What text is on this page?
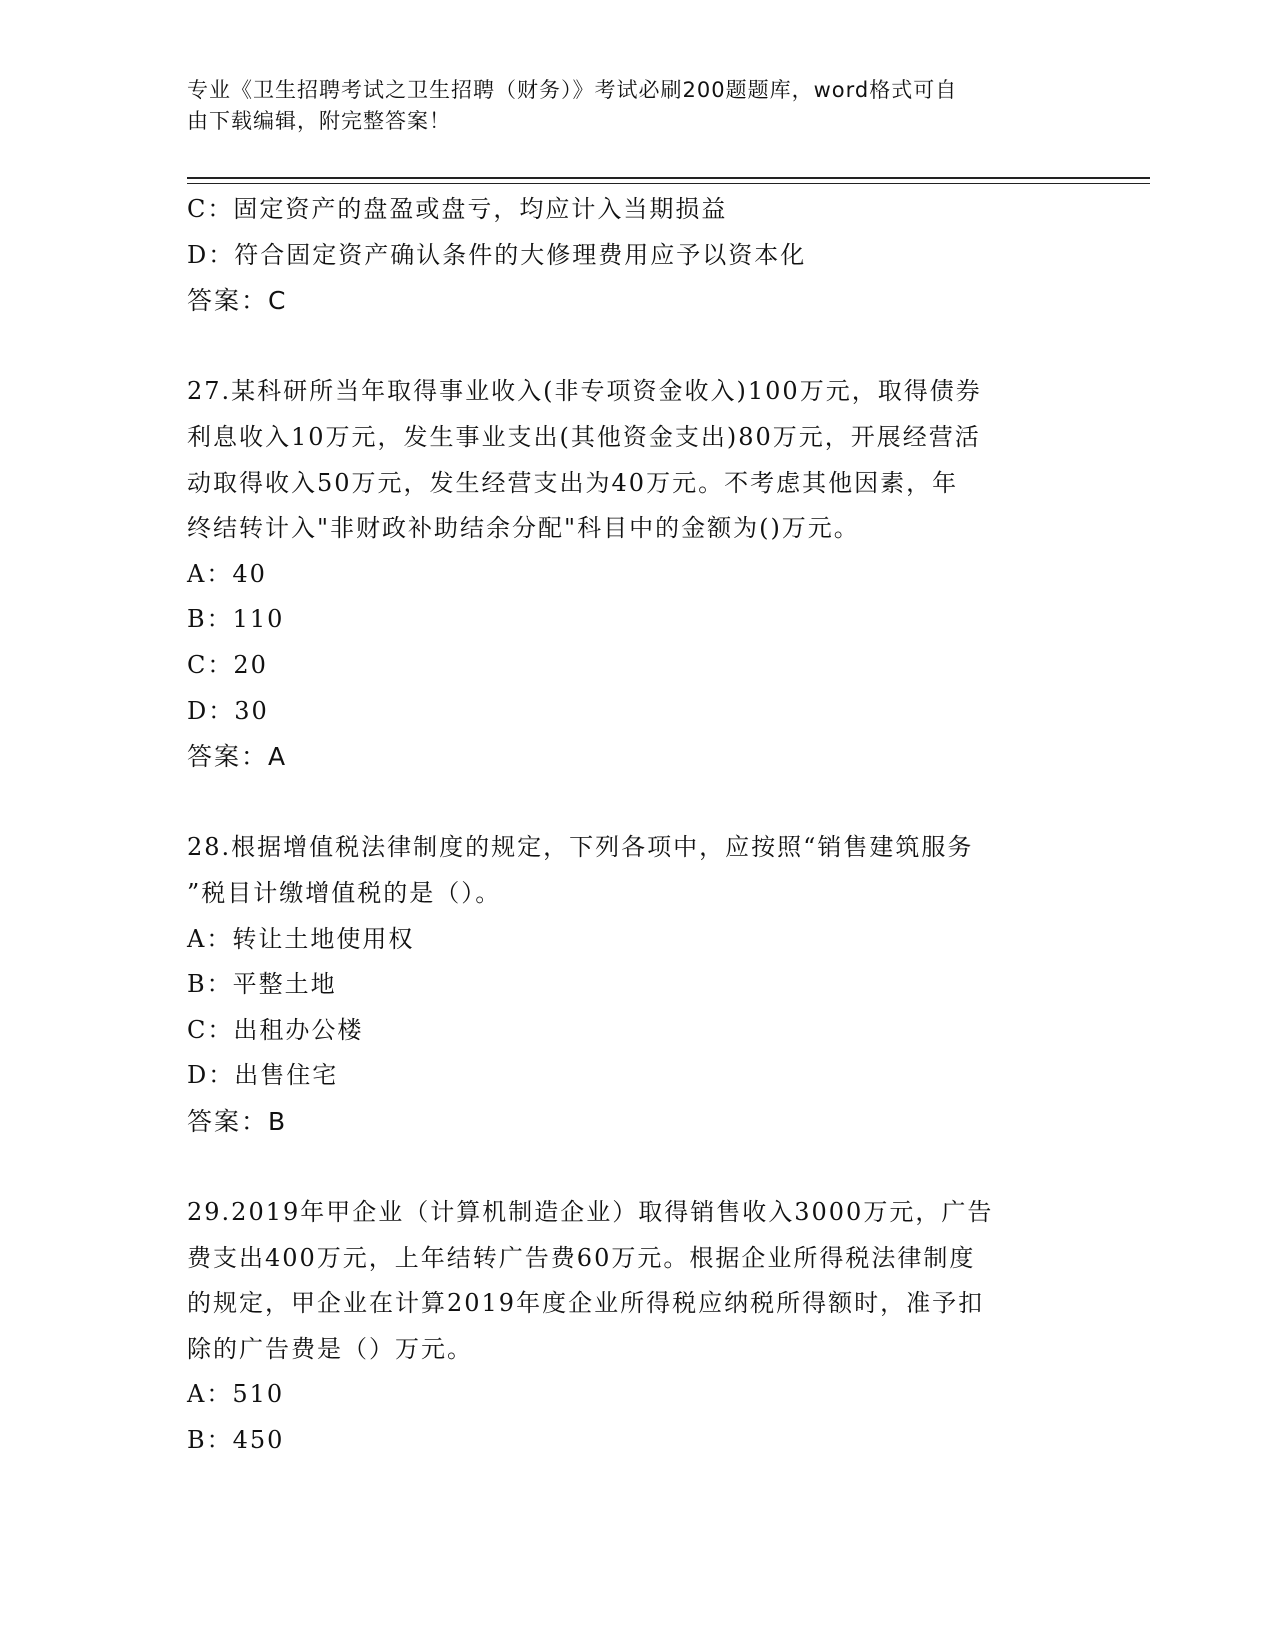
专业《卫生招聘考试之卫生招聘（财务）》考试必刷200题题库，word格式可自
由下载编辑，附完整答案！
C：固定资产的盘盈或盘亏，均应计入当期损益
D：符合固定资产确认条件的大修理费用应予以资本化
答案：C
27.某科研所当年取得事业收入(非专项资金收入)100万元，取得债券
利息收入10万元，发生事业支出(其他资金支出)80万元，开展经营活
动取得收入50万元，发生经营支出为40万元。不考虑其他因素，年
终结转计入"非财政补助结余分配"科目中的金额为()万元。
A：40
B：110
C：20
D：30
答案：A
28.根据增值税法律制度的规定，下列各项中，应按照“销售建筑服务
”税目计缴增值税的是（）。
A：转让土地使用权
B：平整土地
C：出租办公楼
D：出售住宅
答案：B
29.2019年甲企业（计算机制造企业）取得销售收入3000万元，广告
费支出400万元，上年结转广告费60万元。根据企业所得税法律制度
的规定，甲企业在计算2019年度企业所得税应纳税所得额时，准予扣
除的广告费是（）万元。
A：510
B：450
